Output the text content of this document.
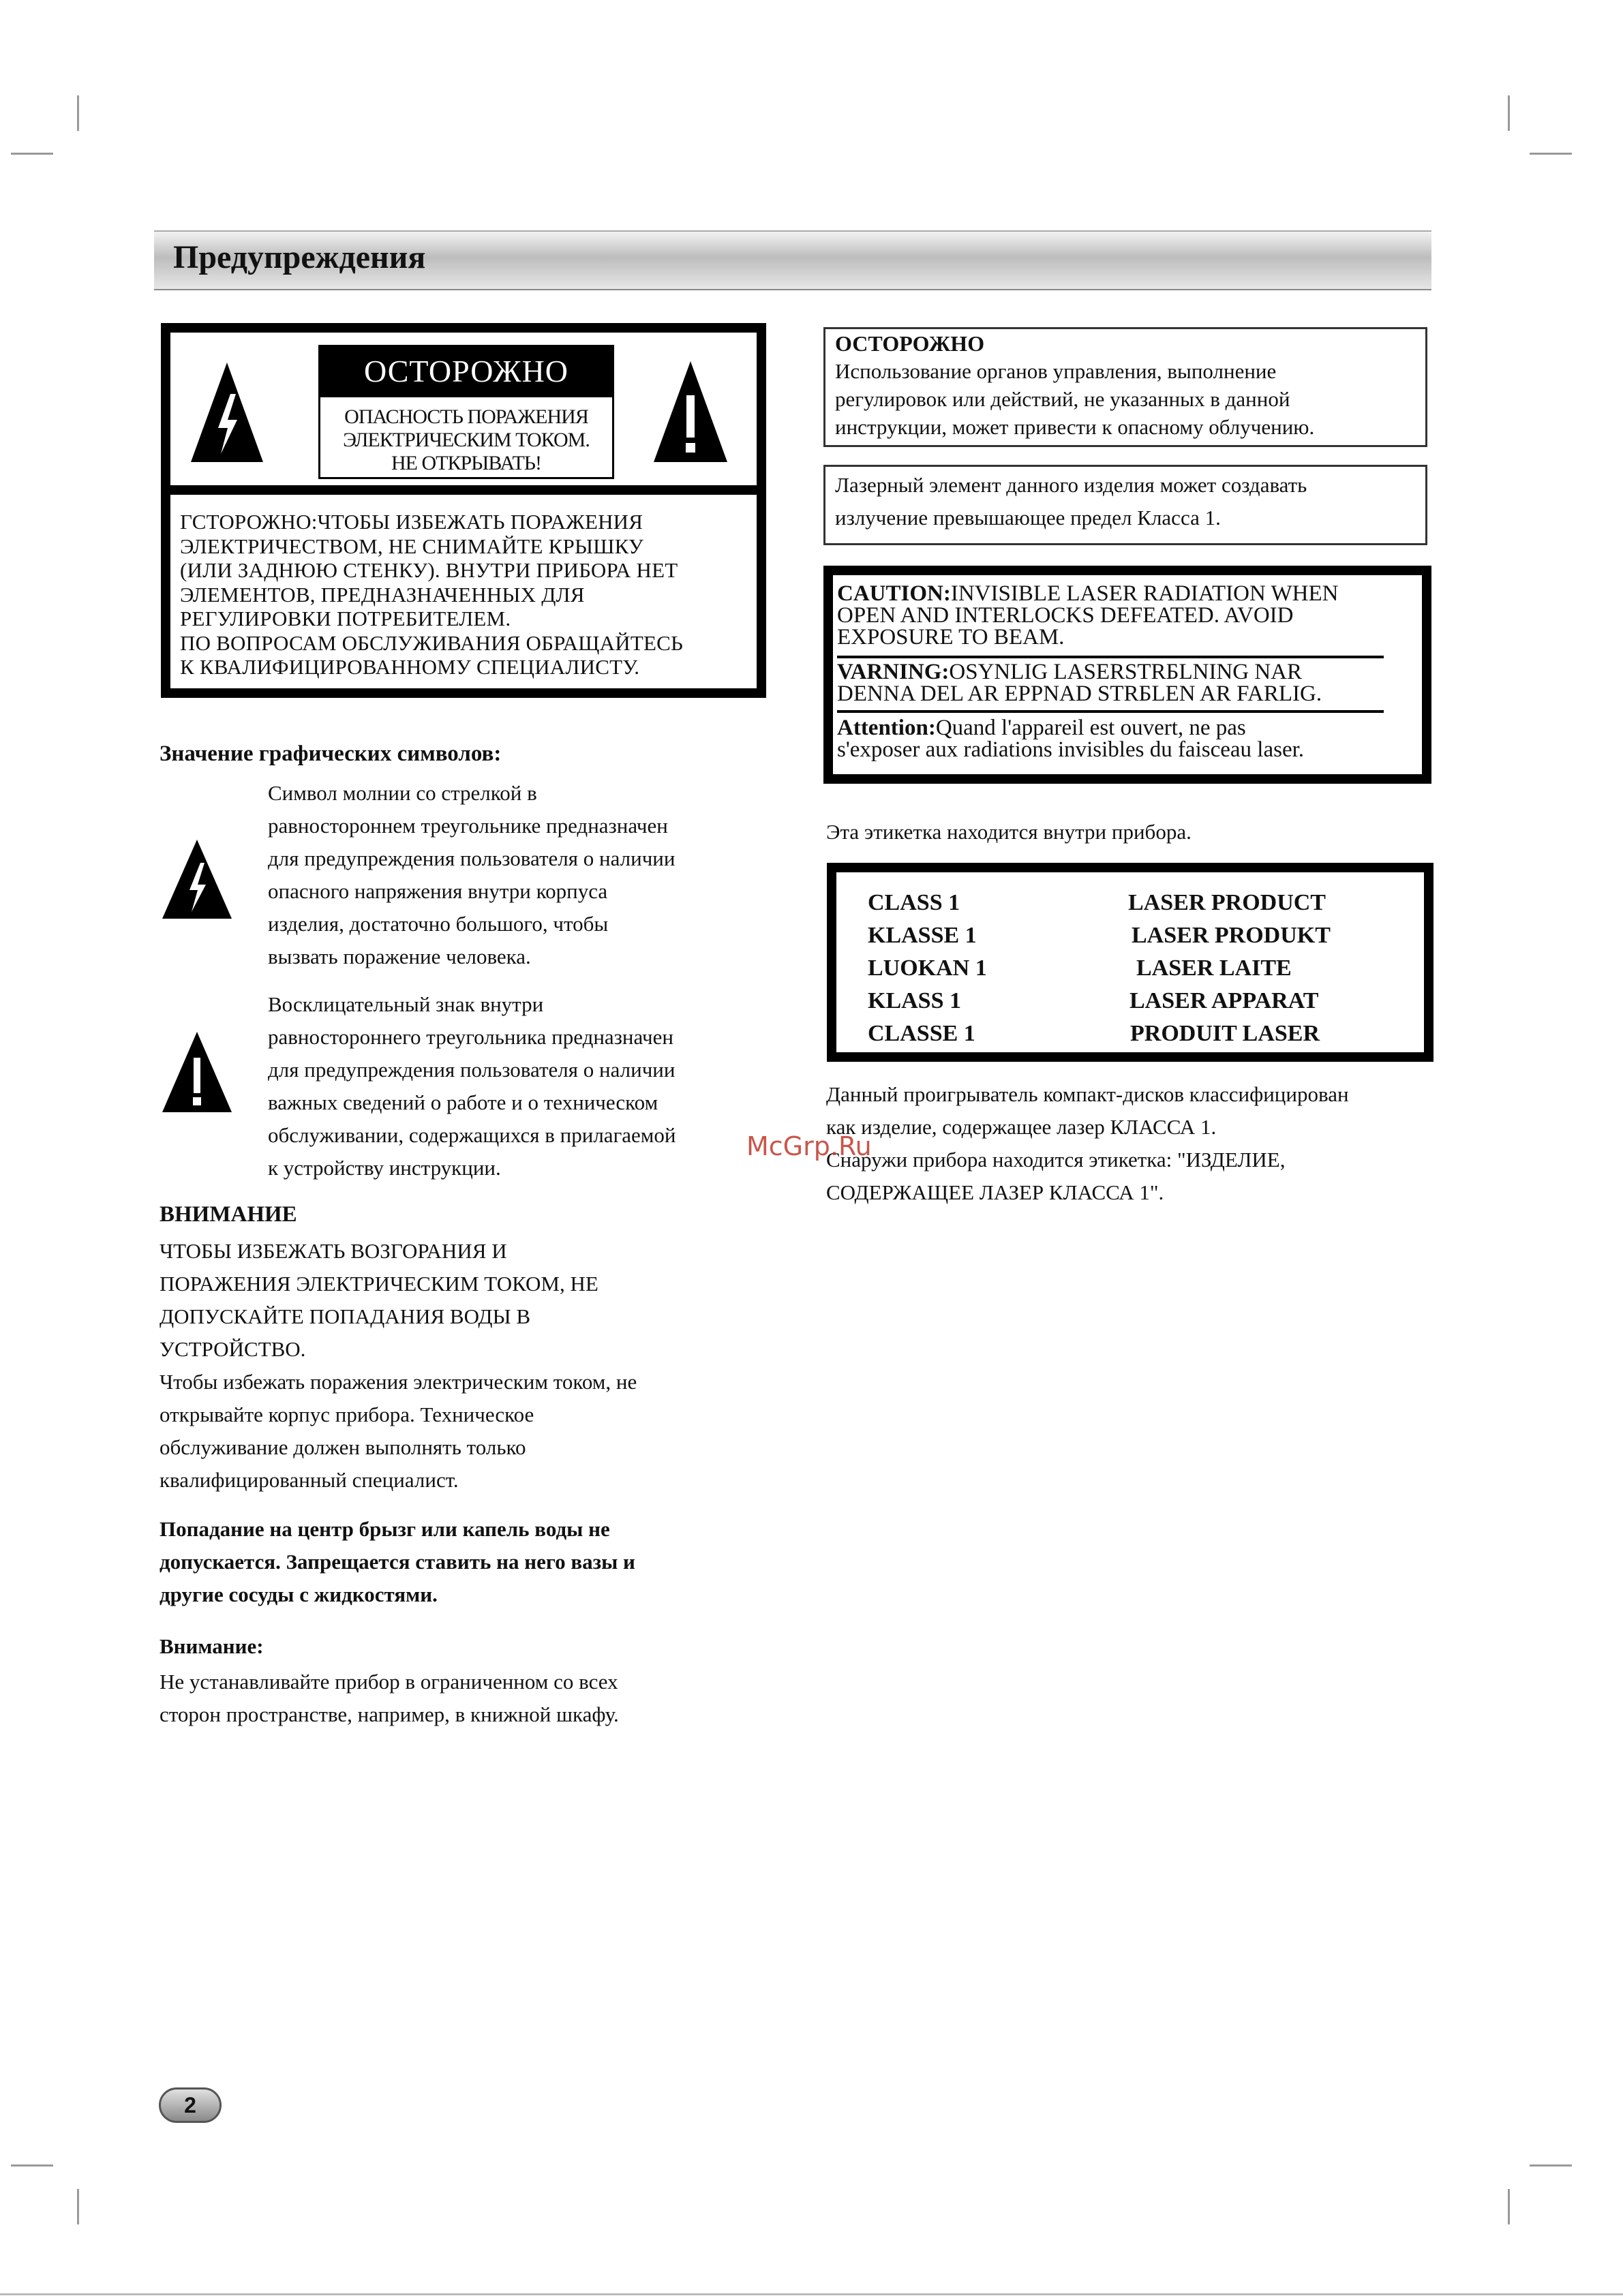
Предупреждения
ОСТОРОЖНО
ОПАСНОСТЬ ПОРАЖЕНИЯ
ЭЛЕКТРИЧЕСКИМ ТОКОМ.
НЕ ОТКРЫВАТЬ!
ГСТОРОЖНО:ЧТОБЫ ИЗБЕЖАТЬ ПОРАЖЕНИЯ
ЭЛЕКТРИЧЕСТВОМ, НЕ СНИМАЙТЕ КРЫШКУ
(ИЛИ ЗАДНЮЮ СТЕНКУ). ВНУТРИ ПРИБОРА НЕТ
ЭЛЕМЕНТОВ, ПРЕДНАЗНАЧЕННЫХ ДЛЯ
РЕГУЛИРОВКИ ПОТРЕБИТЕЛЕМ.
ПО ВОПРОСАМ ОБСЛУЖИВАНИЯ ОБРАЩАЙТЕСЬ
К КВАЛИФИЦИРОВАННОМУ СПЕЦИАЛИСТУ.
Значение графических символов:
Символ молнии со стрелкой в
равностороннем треугольнике предназначен
для предупреждения пользователя о наличии
опасного напряжения внутри корпуса
изделия, достаточно большого, чтобы
вызвать поражение человека.
Восклицательный знак внутри
равностороннего треугольника предназначен
для предупреждения пользователя о наличии
важных сведений о работе и о техническом
обслуживании, содержащихся в прилагаемой
к устройству инструкции.
ВНИМАНИЕ
ЧТОБЫ ИЗБЕЖАТЬ ВОЗГОРАНИЯ И
ПОРАЖЕНИЯ ЭЛЕКТРИЧЕСКИМ ТОКОМ, НЕ
ДОПУСКАЙТЕ ПОПАДАНИЯ ВОДЫ В
УСТРОЙСТВО.
Чтобы избежать поражения электрическим током, не
открывайте корпус прибора. Техническое
обслуживание должен выполнять только
квалифицированный специалист.
Попадание на центр брызг или капель воды не
допускается. Запрещается ставить на него вазы и
другие сосуды с жидкостями.
Внимание:
Не устанавливайте прибор в ограниченном со всех
сторон пространстве, например, в книжной шкафу.
ОСТОРОЖНО
Использование органов управления, выполнение
регулировок или действий, не указанных в данной
инструкции, может привести к опасному облучению.
Лазерный элемент данного изделия может создавать
излучение превышающее предел Класса 1.
CAUTION:INVISIBLE LASER RADIATION WHEN
OPEN AND INTERLOCKS DEFEATED. AVOID
EXPOSURE TO BEAM.
VARNING:OSYNLIG LASERSTRБLNING NAR
DENNA DEL AR EPPNAD STRБLEN AR FARLIG.
Attention:Quand l'appareil est ouvert, ne pas
s'exposer aux radiations invisibles du faisceau laser.
Эта этикетка находится внутри прибора.
CLASS 1	LASER PRODUCT
KLASSE 1	LASER PRODUKT
LUOKAN 1	LASER LAITE
KLASS 1	LASER APPARAT
CLASSE 1	PRODUIT LASER
Данный проигрыватель компакт-дисков классифицирован
как изделие, содержащее лазер КЛАССА 1.
Снаружи прибора находится этикетка: "ИЗДЕЛИЕ,
СОДЕРЖАЩЕЕ ЛАЗЕР КЛАССА 1".
McGrp.Ru
2
